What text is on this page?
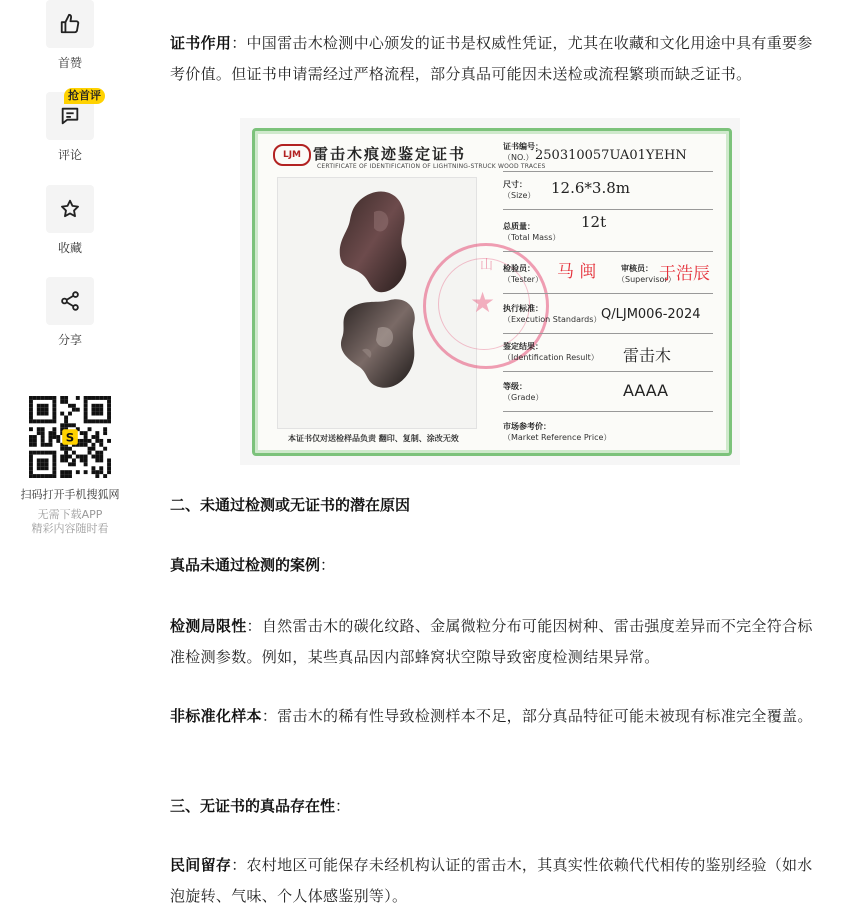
首赞
抢首评
评论
收藏
分享
S
扫码打开手机搜狐网
无需下载APP
精彩内容随时看

证书作用：中国雷击木检测中心颁发的证书是权威性凭证，尤其在收藏和文化用途中具有重要参考价值。但证书申请需经过严格流程，部分真品可能因未送检或流程繁琐而缺乏证书。

二、未通过检测或无证书的潜在原因

真品未通过检测的案例：

检测局限性：自然雷击木的碳化纹路、金属微粒分布可能因树种、雷击强度差异而不完全符合标准检测参数。例如，某些真品因内部蜂窝状空隙导致密度检测结果异常。

非标准化样本：雷击木的稀有性导致检测样本不足，部分真品特征可能未被现有标准完全覆盖。

三、无证书的真品存在性：

民间留存：农村地区可能保存未经机构认证的雷击木，其真实性依赖代代相传的鉴别经验（如水泡旋转、气味、个人体感鉴别等）。

LJM 雷击木痕迹鉴定证书
CERTIFICATE OF IDENTIFICATION OF LIGHTNING-STRUCK WOOD TRACES
★
山
证书编号：
（NO.） 250310057UA01YEHN
尺寸：
（Size）	12.6*3.8m
总质量：
（Total Mass）
12t
检验员：
（Tester） 马 闽	审核员：
（Supervisor）
于浩辰
执行标准：
（Execution Standards） Q/LJM006-2024
鉴定结果：
（Identification Result）	雷击木
等级：
（Grade）	AAAA
市场参考价：
（Market Reference Price）
本证书仅对送检样品负责 翻印、复制、涂改无效
